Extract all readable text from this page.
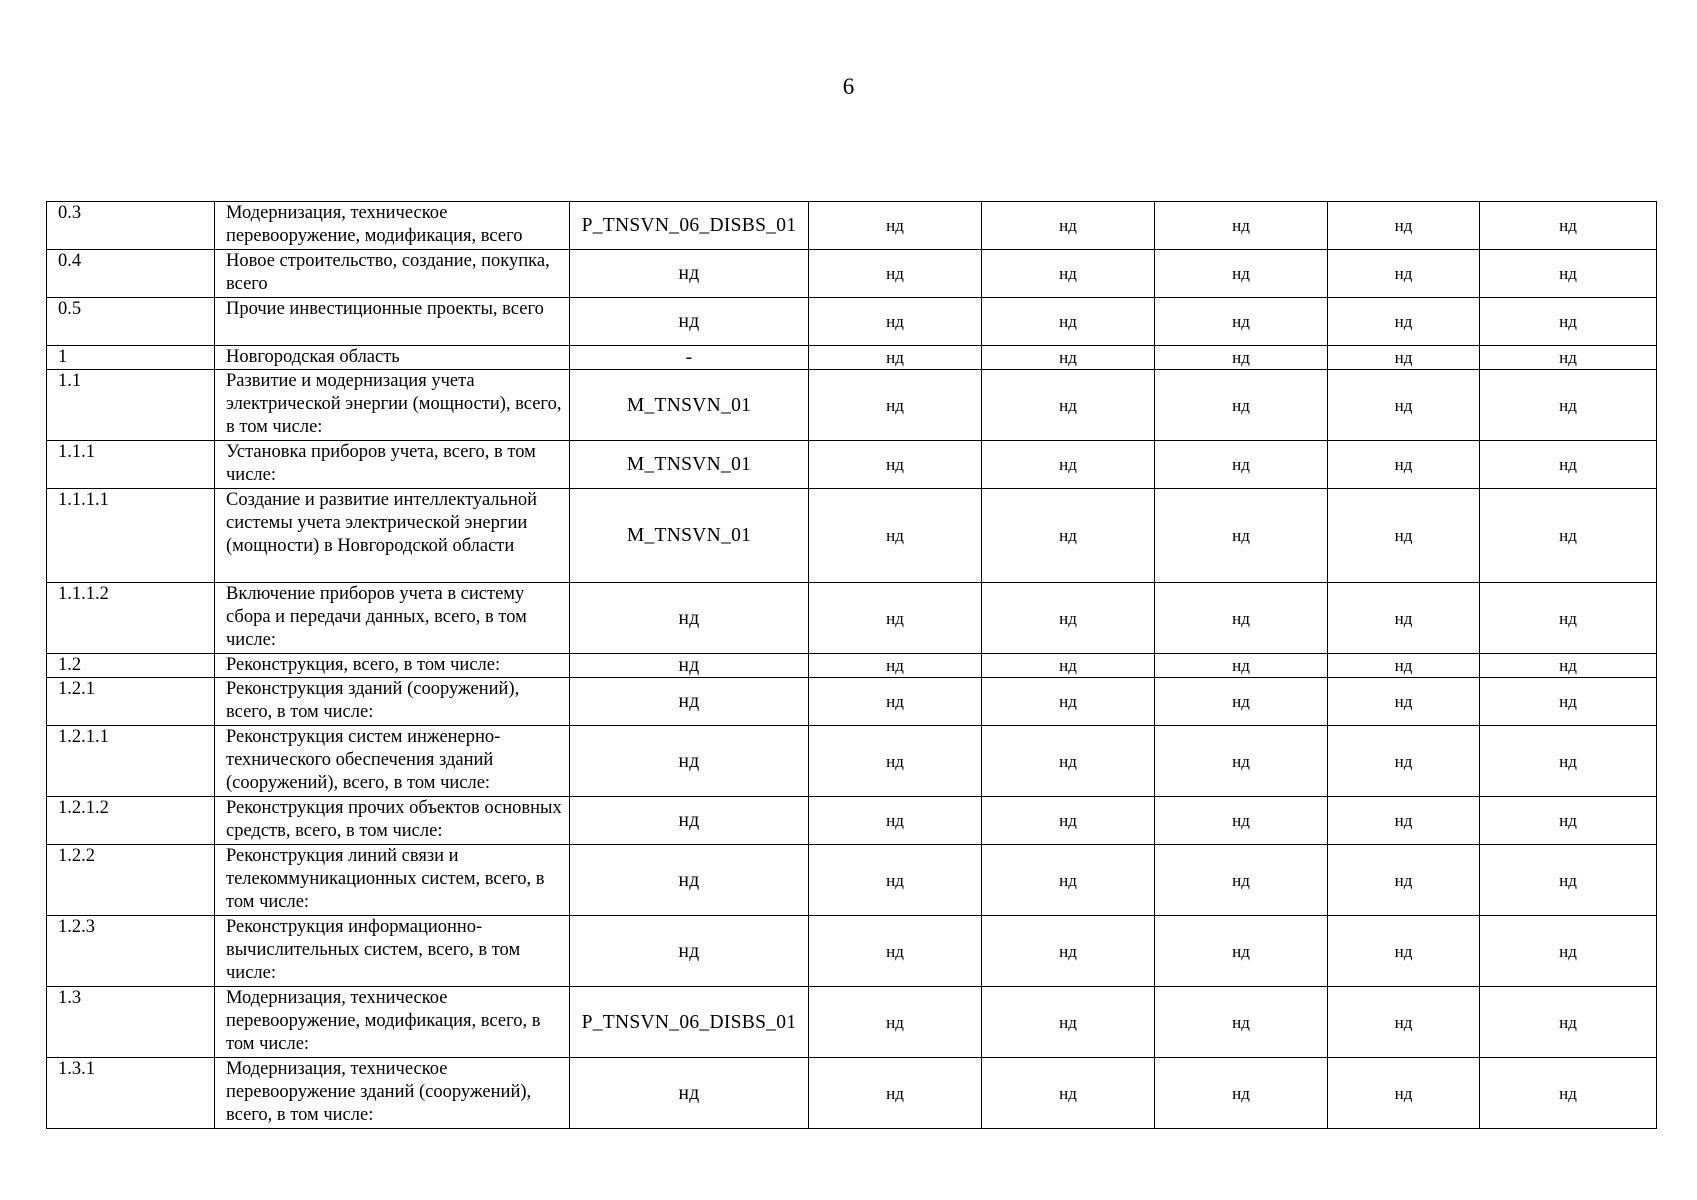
6
0.3	Модернизация, техническое перевооружение, модификация, всего	P_TNSVN_06_DISBS_01	нд	нд	нд	нд	нд
0.4	Новое строительство, создание, покупка, всего	нд	нд	нд	нд	нд	нд
0.5	Прочие инвестиционные проекты, всего	нд	нд	нд	нд	нд	нд
1	Новгородская область	-	нд	нд	нд	нд	нд
1.1	Развитие и модернизация учета электрической энергии (мощности), всего, в том числе:	M_TNSVN_01	нд	нд	нд	нд	нд
1.1.1	Установка приборов учета, всего, в том числе:	M_TNSVN_01	нд	нд	нд	нд	нд
1.1.1.1	Создание и развитие интеллектуальной системы учета электрической энергии (мощности) в Новгородской области	M_TNSVN_01	нд	нд	нд	нд	нд
1.1.1.2	Включение приборов учета в систему сбора и передачи данных, всего, в том числе:	нд	нд	нд	нд	нд	нд
1.2	Реконструкция, всего, в том числе:	нд	нд	нд	нд	нд	нд
1.2.1	Реконструкция зданий (сооружений), всего, в том числе:	нд	нд	нд	нд	нд	нд
1.2.1.1	Реконструкция систем инженерно-технического обеспечения зданий (сооружений), всего, в том числе:	нд	нд	нд	нд	нд	нд
1.2.1.2	Реконструкция прочих объектов основных средств, всего, в том числе:	нд	нд	нд	нд	нд	нд
1.2.2	Реконструкция линий связи и телекоммуникационных систем, всего, в том числе:	нд	нд	нд	нд	нд	нд
1.2.3	Реконструкция информационно-вычислительных систем, всего, в том числе:	нд	нд	нд	нд	нд	нд
1.3	Модернизация, техническое перевооружение, модификация, всего, в том числе:	P_TNSVN_06_DISBS_01	нд	нд	нд	нд	нд
1.3.1	Модернизация, техническое перевооружение зданий (сооружений), всего, в том числе:	нд	нд	нд	нд	нд	нд
